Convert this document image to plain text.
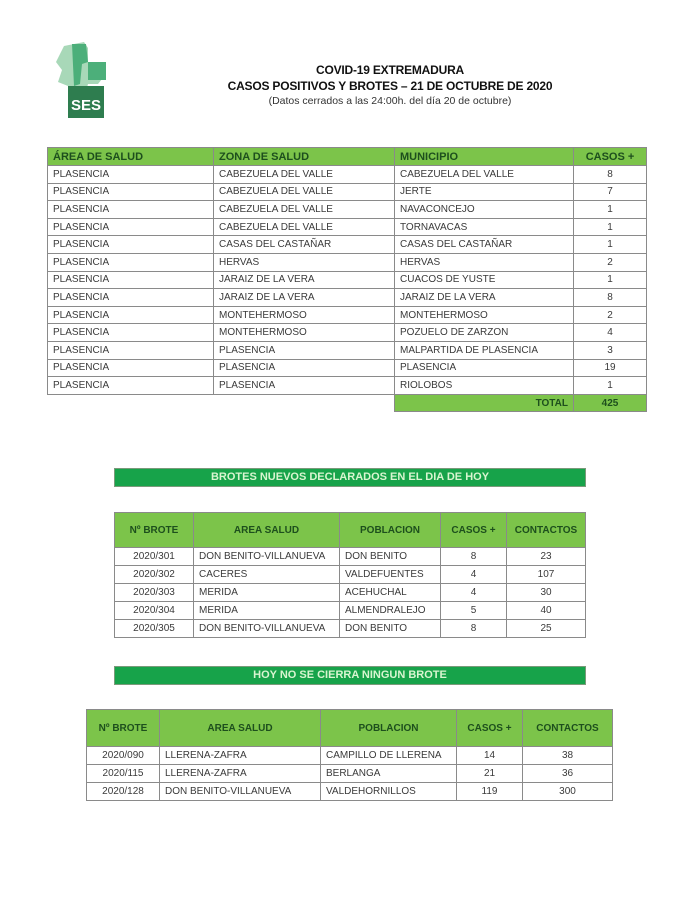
SES
COVID-19 EXTREMADURA
CASOS POSITIVOS Y BROTES – 21 DE OCTUBRE DE 2020
(Datos cerrados a las 24:00h. del día 20 de octubre)
ÁREA DE SALUD	ZONA DE SALUD	MUNICIPIO	CASOS +
PLASENCIA	CABEZUELA DEL VALLE	CABEZUELA DEL VALLE	8
PLASENCIA	CABEZUELA DEL VALLE	JERTE	7
PLASENCIA	CABEZUELA DEL VALLE	NAVACONCEJO	1
PLASENCIA	CABEZUELA DEL VALLE	TORNAVACAS	1
PLASENCIA	CASAS DEL CASTAÑAR	CASAS DEL CASTAÑAR	1
PLASENCIA	HERVAS	HERVAS	2
PLASENCIA	JARAIZ DE LA VERA	CUACOS DE YUSTE	1
PLASENCIA	JARAIZ DE LA VERA	JARAIZ DE LA VERA	8
PLASENCIA	MONTEHERMOSO	MONTEHERMOSO	2
PLASENCIA	MONTEHERMOSO	POZUELO DE ZARZON	4
PLASENCIA	PLASENCIA	MALPARTIDA DE PLASENCIA	3
PLASENCIA	PLASENCIA	PLASENCIA	19
PLASENCIA	PLASENCIA	RIOLOBOS	1
		TOTAL	425
BROTES NUEVOS DECLARADOS EN EL DIA DE HOY
Nº BROTE	AREA SALUD	POBLACION	CASOS +	CONTACTOS
2020/301	DON BENITO-VILLANUEVA	DON BENITO	8	23
2020/302	CACERES	VALDEFUENTES	4	107
2020/303	MERIDA	ACEHUCHAL	4	30
2020/304	MERIDA	ALMENDRALEJO	5	40
2020/305	DON BENITO-VILLANUEVA	DON BENITO	8	25
HOY NO SE CIERRA NINGUN BROTE
Nº BROTE	AREA SALUD	POBLACION	CASOS +	CONTACTOS
2020/090	LLERENA-ZAFRA	CAMPILLO DE LLERENA	14	38
2020/115	LLERENA-ZAFRA	BERLANGA	21	36
2020/128	DON BENITO-VILLANUEVA	VALDEHORNILLOS	119	300
